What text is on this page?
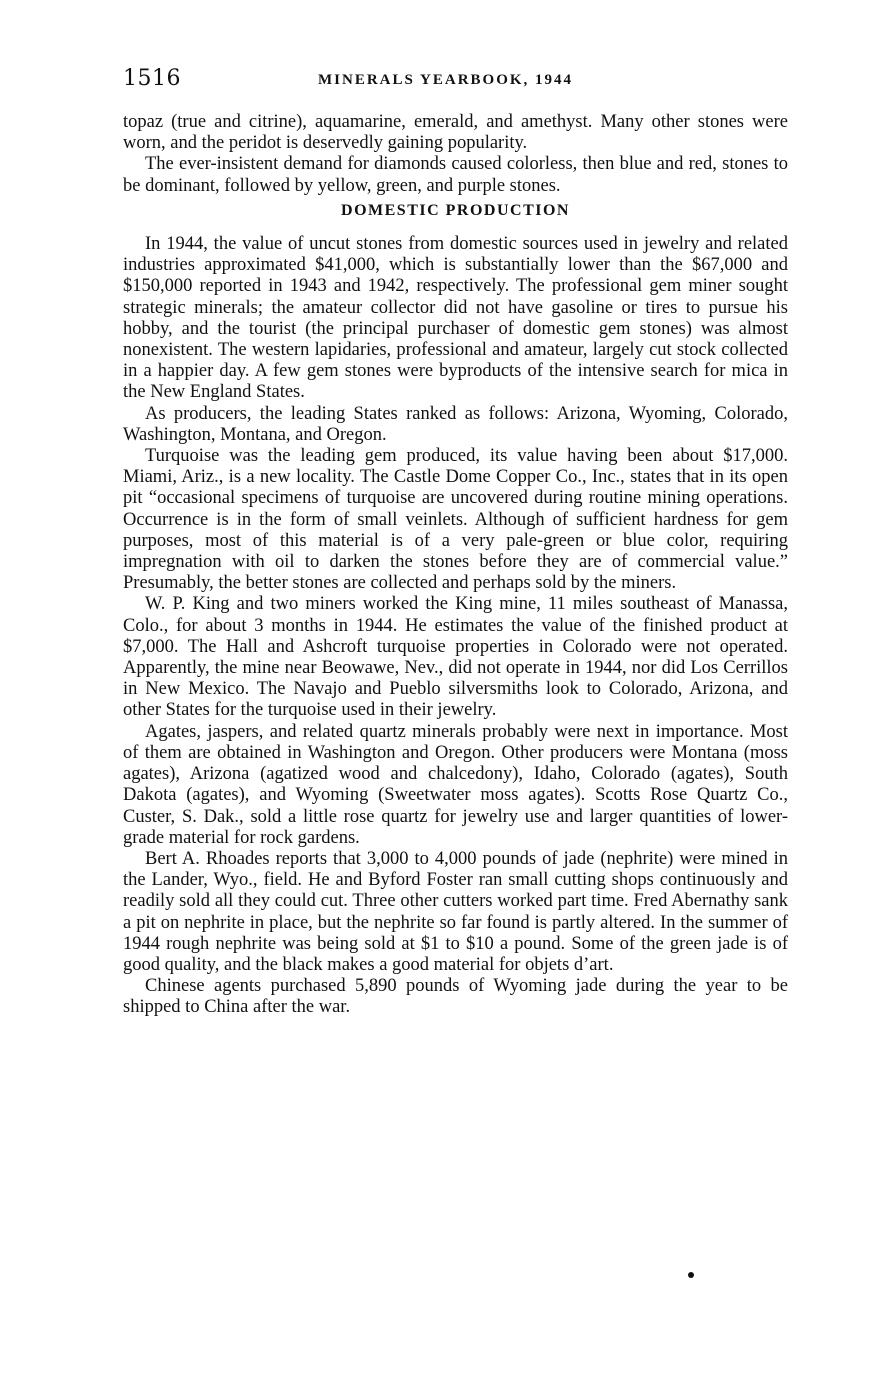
1516	MINERALS YEARBOOK, 1944

topaz (true and citrine), aquamarine, emerald, and amethyst. Many other stones were worn, and the peridot is deservedly gaining popularity.

The ever-insistent demand for diamonds caused colorless, then blue and red, stones to be dominant, followed by yellow, green, and purple stones.

DOMESTIC PRODUCTION

In 1944, the value of uncut stones from domestic sources used in jewelry and related industries approximated $41,000, which is substantially lower than the $67,000 and $150,000 reported in 1943 and 1942, respectively. The professional gem miner sought strategic minerals; the amateur collector did not have gasoline or tires to pursue his hobby, and the tourist (the principal purchaser of domestic gem stones) was almost nonexistent. The western lapidaries, professional and amateur, largely cut stock collected in a happier day. A few gem stones were byproducts of the intensive search for mica in the New England States.

As producers, the leading States ranked as follows: Arizona, Wyoming, Colorado, Washington, Montana, and Oregon.

Turquoise was the leading gem produced, its value having been about $17,000. Miami, Ariz., is a new locality. The Castle Dome Copper Co., Inc., states that in its open pit “occasional specimens of turquoise are uncovered during routine mining operations. Occurrence is in the form of small veinlets. Although of sufficient hardness for gem purposes, most of this material is of a very pale-green or blue color, requiring impregnation with oil to darken the stones before they are of commercial value.” Presumably, the better stones are collected and perhaps sold by the miners.

W. P. King and two miners worked the King mine, 11 miles southeast of Manassa, Colo., for about 3 months in 1944. He estimates the value of the finished product at $7,000. The Hall and Ashcroft turquoise properties in Colorado were not operated. Apparently, the mine near Beowawe, Nev., did not operate in 1944, nor did Los Cerrillos in New Mexico. The Navajo and Pueblo silversmiths look to Colorado, Arizona, and other States for the turquoise used in their jewelry.

Agates, jaspers, and related quartz minerals probably were next in importance. Most of them are obtained in Washington and Oregon. Other producers were Montana (moss agates), Arizona (agatized wood and chalcedony), Idaho, Colorado (agates), South Dakota (agates), and Wyoming (Sweetwater moss agates). Scotts Rose Quartz Co., Custer, S. Dak., sold a little rose quartz for jewelry use and larger quantities of lower-grade material for rock gardens.

Bert A. Rhoades reports that 3,000 to 4,000 pounds of jade (nephrite) were mined in the Lander, Wyo., field. He and Byford Foster ran small cutting shops continuously and readily sold all they could cut. Three other cutters worked part time. Fred Abernathy sank a pit on nephrite in place, but the nephrite so far found is partly altered. In the summer of 1944 rough nephrite was being sold at $1 to $10 a pound. Some of the green jade is of good quality, and the black makes a good material for objets d’art.

Chinese agents purchased 5,890 pounds of Wyoming jade during the year to be shipped to China after the war.
